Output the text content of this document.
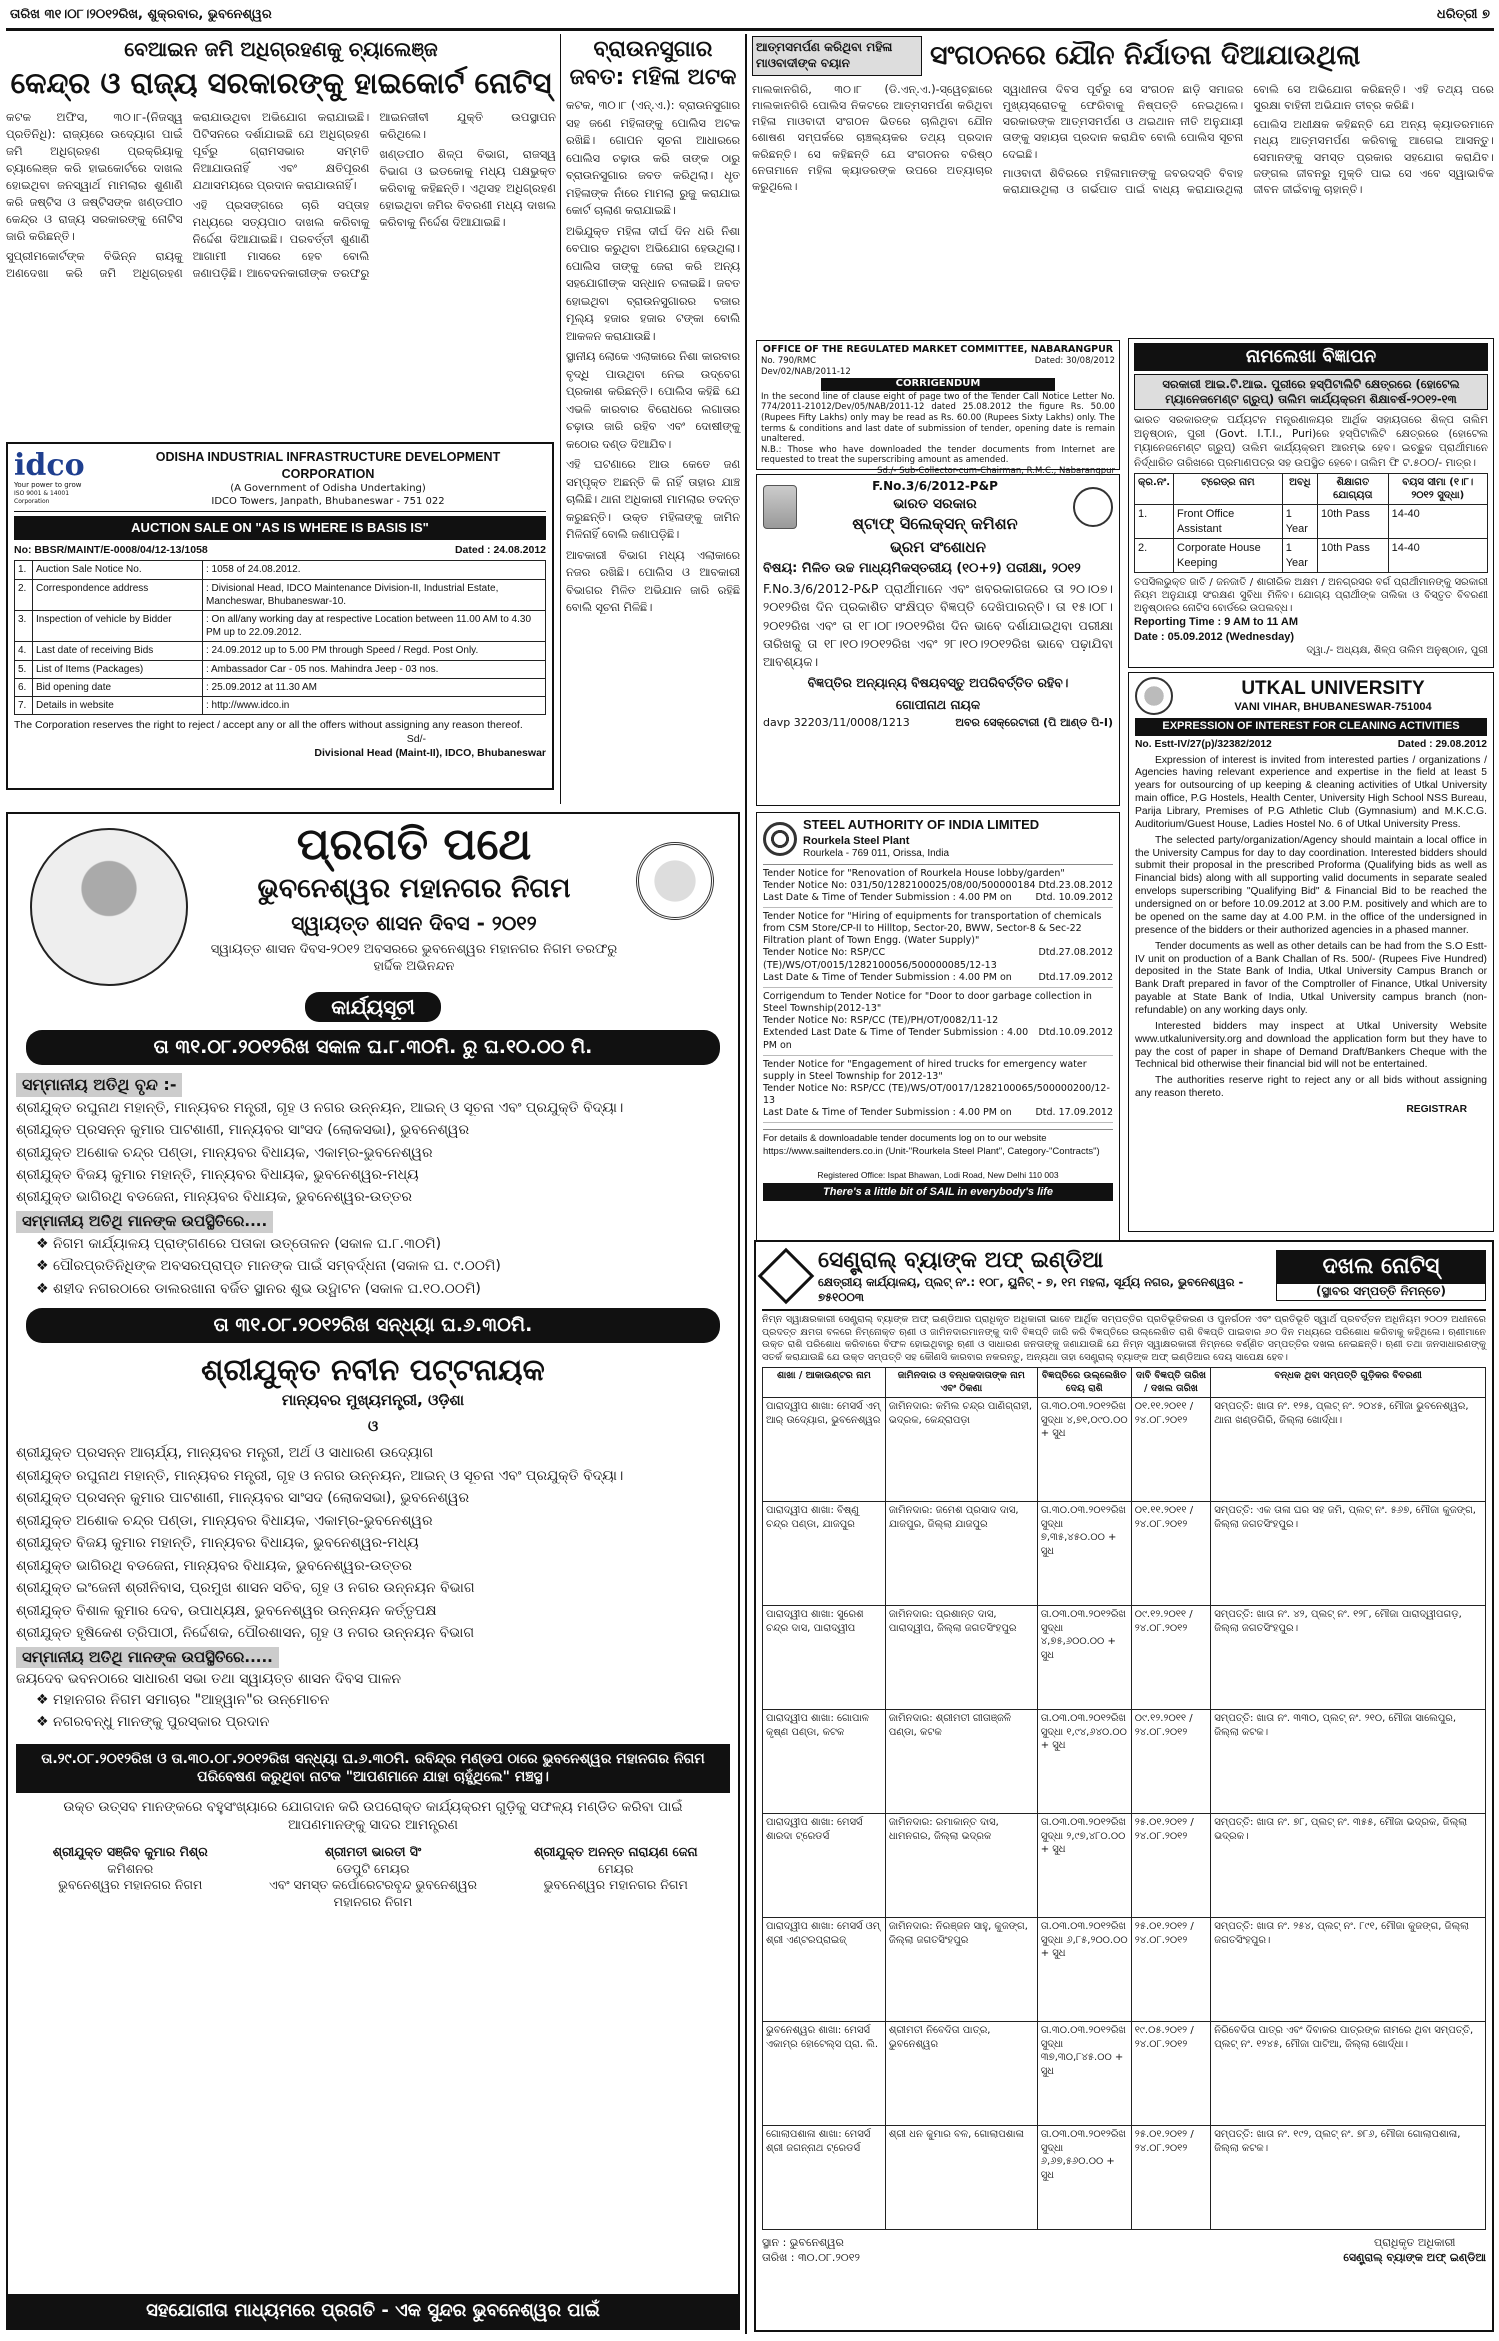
ତାରିଖ ୩୧।୦୮।୨୦୧୨ରିଖ, ଶୁକ୍ରବାର, ଭୁବନେଶ୍ୱର	ଧରିତ୍ରୀ ୭
ବେଆଇନ ଜମି ଅଧିଗ୍ରହଣକୁ ଚ୍ୟାଲେଞ୍ଜ
କେନ୍ଦ୍ର ଓ ରାଜ୍ୟ ସରକାରଙ୍କୁ ହାଇକୋର୍ଟ ନୋଟିସ୍

କଟକ ଅଫିସ, ୩୦।୮-(ନିଜସ୍ୱ ପ୍ରତିନିଧି): ରାଜ୍ୟରେ ଉଦ୍ୟୋଗ ପାଇଁ ଜମି ଅଧିଗ୍ରହଣ ପ୍ରକ୍ରିୟାକୁ ଚ୍ୟାଲେଞ୍ଜ କରି ହାଇକୋର୍ଟରେ ଦାଖଲ ହୋଇଥିବା ଜନସ୍ୱାର୍ଥ ମାମଲାର ଶୁଣାଣି କରି ଜଷ୍ଟିସ ଓ ଜଷ୍ଟିସଙ୍କ ଖଣ୍ଡପୀଠ କେନ୍ଦ୍ର ଓ ରାଜ୍ୟ ସରକାରଙ୍କୁ ନୋଟିସ ଜାରି କରିଛନ୍ତି।

ସୁପ୍ରୀମକୋର୍ଟଙ୍କ ବିଭିନ୍ନ ରାୟକୁ ଅଣଦେଖା କରି ଜମି ଅଧିଗ୍ରହଣ କରାଯାଉଥିବା ଅଭିଯୋଗ କରାଯାଇଛି। ପିଟିସନରେ ଦର୍ଶାଯାଇଛି ଯେ ଅଧିଗ୍ରହଣ ପୂର୍ବରୁ ଗ୍ରାମସଭାର ସମ୍ମତି ନିଆଯାଉନାହିଁ ଏବଂ କ୍ଷତିପୂରଣ ଯଥାସମୟରେ ପ୍ରଦାନ କରାଯାଉନାହିଁ।

ଏହି ପ୍ରସଙ୍ଗରେ ଚାରି ସପ୍ତାହ ମଧ୍ୟରେ ସତ୍ୟପାଠ ଦାଖଲ କରିବାକୁ ନିର୍ଦ୍ଦେଶ ଦିଆଯାଇଛି। ପରବର୍ତ୍ତୀ ଶୁଣାଣି ଆଗାମୀ ମାସରେ ହେବ ବୋଲି ଜଣାପଡ଼ିଛି। ଆବେଦନକାରୀଙ୍କ ତରଫରୁ ଆଇନଜୀବୀ ଯୁକ୍ତି ଉପସ୍ଥାପନ କରିଥିଲେ।

ଖଣ୍ଡପୀଠ ଶିଳ୍ପ ବିଭାଗ, ରାଜସ୍ୱ ବିଭାଗ ଓ ଇଡକୋକୁ ମଧ୍ୟ ପକ୍ଷଭୁକ୍ତ କରିବାକୁ କହିଛନ୍ତି। ଏଥିସହ ଅଧିଗ୍ରହଣ ହୋଇଥିବା ଜମିର ବିବରଣୀ ମଧ୍ୟ ଦାଖଲ କରିବାକୁ ନିର୍ଦ୍ଦେଶ ଦିଆଯାଇଛି।

idco
Your power to grow
ISO 9001 & 14001 Corporation
ODISHA INDUSTRIAL INFRASTRUCTURE DEVELOPMENT CORPORATION
(A Government of Odisha Undertaking)
IDCO Towers, Janpath, Bhubaneswar - 751 022
AUCTION SALE ON "AS IS WHERE IS BASIS IS"
No: BBSR/MAINT/E-0008/04/12-13/1058	Dated : 24.08.2012
1.	Auction Sale Notice No.	: 1058 of 24.08.2012.
2.	Correspondence address	: Divisional Head, IDCO Maintenance Division-II, Industrial Estate, Mancheswar, Bhubaneswar-10.
3.	Inspection of vehicle by Bidder	: On all/any working day at respective Location between 11.00 AM to 4.30 PM up to 22.09.2012.
4.	Last date of receiving Bids	: 24.09.2012 up to 5.00 PM through Speed / Regd. Post Only.
5.	List of Items (Packages)	: Ambassador Car - 05 nos. Mahindra Jeep - 03 nos.
6.	Bid opening date	: 25.09.2012 at 11.30 AM
7.	Details in website	: http://www.idco.in
The Corporation reserves the right to reject / accept any or all the offers without assigning any reason thereof.
Sd/-
Divisional Head (Maint-II), IDCO, Bhubaneswar
ବ୍ରାଉନସୁଗାର ଜବତ: ମହିଳା ଅଟକ

କଟକ, ୩୦।୮ (ଏନ୍.ଏ.): ବ୍ରାଉନସୁଗାର ସହ ଜଣେ ମହିଳାଙ୍କୁ ପୋଲିସ ଅଟକ ରଖିଛି। ଗୋପନ ସୂଚନା ଆଧାରରେ ପୋଲିସ ଚଢ଼ାଉ କରି ତାଙ୍କ ଠାରୁ ବ୍ରାଉନସୁଗାର ଜବତ କରିଥିଲା। ଧୃତ ମହିଳାଙ୍କ ନାଁରେ ମାମଲା ରୁଜୁ କରାଯାଇ କୋର୍ଟ ଚାଲାଣ କରାଯାଇଛି।

ଅଭିଯୁକ୍ତ ମହିଳା ଦୀର୍ଘ ଦିନ ଧରି ନିଶା ବେପାର କରୁଥିବା ଅଭିଯୋଗ ହେଉଥିଲା। ପୋଲିସ ତାଙ୍କୁ ଜେରା କରି ଅନ୍ୟ ସହଯୋଗୀଙ୍କ ସନ୍ଧାନ ଚଳାଇଛି। ଜବତ ହୋଇଥିବା ବ୍ରାଉନସୁଗାରର ବଜାର ମୂଲ୍ୟ ହଜାର ହଜାର ଟଙ୍କା ବୋଲି ଆକଳନ କରାଯାଉଛି।

ସ୍ଥାନୀୟ ଲୋକେ ଏଲାକାରେ ନିଶା କାରବାର ବୃଦ୍ଧି ପାଉଥିବା ନେଇ ଉଦ୍‌ବେଗ ପ୍ରକାଶ କରିଛନ୍ତି। ପୋଲିସ କହିଛି ଯେ ଏଭଳି କାରବାର ବିରୋଧରେ ଲଗାତାର ଚଢ଼ାଉ ଜାରି ରହିବ ଏବଂ ଦୋଷୀଙ୍କୁ କଠୋର ଦଣ୍ଡ ଦିଆଯିବ।

ଏହି ଘଟଣାରେ ଆଉ କେତେ ଜଣ ସମ୍ପୃକ୍ତ ଅଛନ୍ତି କି ନାହିଁ ତାହାର ଯାଞ୍ଚ ଚାଲିଛି। ଥାନା ଅଧିକାରୀ ମାମଲାର ତଦନ୍ତ କରୁଛନ୍ତି। ଉକ୍ତ ମହିଳାଙ୍କୁ ଜାମିନ ମିଳିନାହିଁ ବୋଲି ଜଣାପଡ଼ିଛି।

ଆବକାରୀ ବିଭାଗ ମଧ୍ୟ ଏଲାକାରେ ନଜର ରଖିଛି। ପୋଲିସ ଓ ଆବକାରୀ ବିଭାଗର ମିଳିତ ଅଭିଯାନ ଜାରି ରହିଛି ବୋଲି ସୂଚନା ମିଳିଛି।

ପ୍ରଗତି ପଥେ
ଭୁବନେଶ୍ୱର ମହାନଗର ନିଗମ
ସ୍ୱାୟତ୍ତ ଶାସନ ଦିବସ - ୨୦୧୨
ସ୍ୱାୟତ୍ତ ଶାସନ ଦିବସ-୨୦୧୨ ଅବସରରେ ଭୁବନେଶ୍ୱର ମହାନଗର ନିଗମ ତରଫରୁ ହାର୍ଦ୍ଦିକ ଅଭିନନ୍ଦନ
କାର୍ଯ୍ୟସୂଚୀ
ତା ୩୧.୦୮.୨୦୧୨ରିଖ ସକାଳ ଘ.୮.୩୦ମି. ରୁ ଘ.୧୦.୦୦ ମି.
ସମ୍ମାନୀୟ ଅତିଥି ବୃନ୍ଦ :-
ଶ୍ରୀଯୁକ୍ତ ରଘୁନାଥ ମହାନ୍ତି, ମାନ୍ୟବର ମନ୍ତ୍ରୀ, ଗୃହ ଓ ନଗର ଉନ୍ନୟନ, ଆଇନ୍ ଓ ସୂଚନା ଏବଂ ପ୍ରଯୁକ୍ତି ବିଦ୍ୟା।
ଶ୍ରୀଯୁକ୍ତ ପ୍ରସନ୍ନ କୁମାର ପାଟଶାଣୀ, ମାନ୍ୟବର ସାଂସଦ (ଲୋକସଭା), ଭୁବନେଶ୍ୱର
ଶ୍ରୀଯୁକ୍ତ ଅଶୋକ ଚନ୍ଦ୍ର ପଣ୍ଡା, ମାନ୍ୟବର ବିଧାୟକ, ଏକାମ୍ର-ଭୁବନେଶ୍ୱର
ଶ୍ରୀଯୁକ୍ତ ବିଜୟ କୁମାର ମହାନ୍ତି, ମାନ୍ୟବର ବିଧାୟକ, ଭୁବନେଶ୍ୱର-ମଧ୍ୟ
ଶ୍ରୀଯୁକ୍ତ ଭାଗିରଥି ବଡଜେନା, ମାନ୍ୟବର ବିଧାୟକ, ଭୁବନେଶ୍ୱର-ଉତ୍ତର
ସମ୍ମାନୀୟ ଅତିଥି ମାନଙ୍କ ଉପସ୍ଥିତିରେ....
❖ ନିଗମ କାର୍ଯ୍ୟାଳୟ ପ୍ରାଙ୍ଗଣରେ ପତାକା ଉତ୍ତୋଳନ (ସକାଳ ଘ.୮.୩୦ମି)
❖ ପୌରପ୍ରତିନିଧିଙ୍କ ଅବସରପ୍ରାପ୍ତ ମାନଙ୍କ ପାଇଁ ସମ୍ବର୍ଦ୍ଧନା (ସକାଳ ଘ. ୯.୦୦ମି)
❖ ଶହୀଦ ନଗରଠାରେ ଡାଲରଖାନା ବର୍ଜିତ ସ୍ଥାନର ଶୁଭ ଉଦ୍ଘାଟନ (ସକାଳ ଘ.୧୦.୦୦ମି)
ତା ୩୧.୦୮.୨୦୧୨ରିଖ ସନ୍ଧ୍ୟା ଘ.୬.୩୦ମି.
ଶ୍ରୀଯୁକ୍ତ ନବୀନ ପଟ୍ଟନାୟକ
ମାନ୍ୟବର ମୁଖ୍ୟମନ୍ତ୍ରୀ, ଓଡ଼ିଶା
ଓ
ଶ୍ରୀଯୁକ୍ତ ପ୍ରସନ୍ନ ଆଚାର୍ଯ୍ୟ, ମାନ୍ୟବର ମନ୍ତ୍ରୀ, ଅର୍ଥ ଓ ସାଧାରଣ ଉଦ୍ୟୋଗ
ଶ୍ରୀଯୁକ୍ତ ରଘୁନାଥ ମହାନ୍ତି, ମାନ୍ୟବର ମନ୍ତ୍ରୀ, ଗୃହ ଓ ନଗର ଉନ୍ନୟନ, ଆଇନ୍ ଓ ସୂଚନା ଏବଂ ପ୍ରଯୁକ୍ତି ବିଦ୍ୟା।
ଶ୍ରୀଯୁକ୍ତ ପ୍ରସନ୍ନ କୁମାର ପାଟଶାଣୀ, ମାନ୍ୟବର ସାଂସଦ (ଲୋକସଭା), ଭୁବନେଶ୍ୱର
ଶ୍ରୀଯୁକ୍ତ ଅଶୋକ ଚନ୍ଦ୍ର ପଣ୍ଡା, ମାନ୍ୟବର ବିଧାୟକ, ଏକାମ୍ର-ଭୁବନେଶ୍ୱର
ଶ୍ରୀଯୁକ୍ତ ବିଜୟ କୁମାର ମହାନ୍ତି, ମାନ୍ୟବର ବିଧାୟକ, ଭୁବନେଶ୍ୱର-ମଧ୍ୟ
ଶ୍ରୀଯୁକ୍ତ ଭାଗିରଥି ବଡଜେନା, ମାନ୍ୟବର ବିଧାୟକ, ଭୁବନେଶ୍ୱର-ଉତ୍ତର
ଶ୍ରୀଯୁକ୍ତ ଇଂଜେନୀ ଶ୍ରୀନିବାସ, ପ୍ରମୁଖ ଶାସନ ସଚିବ, ଗୃହ ଓ ନଗର ଉନ୍ନୟନ ବିଭାଗ
ଶ୍ରୀଯୁକ୍ତ ବିଶାଳ କୁମାର ଦେବ, ଉପାଧ୍ୟକ୍ଷ, ଭୁବନେଶ୍ୱର ଉନ୍ନୟନ କର୍ତ୍ତୃପକ୍ଷ
ଶ୍ରୀଯୁକ୍ତ ହୃଷିକେଶ ତ୍ରିପାଠୀ, ନିର୍ଦ୍ଦେଶକ, ପୌରଶାସନ, ଗୃହ ଓ ନଗର ଉନ୍ନୟନ ବିଭାଗ
ସମ୍ମାନୀୟ ଅତିଥି ମାନଙ୍କ ଉପସ୍ଥିତିରେ.....
ଜୟଦେବ ଭବନଠାରେ ସାଧାରଣ ସଭା ତଥା ସ୍ୱାୟତ୍ତ ଶାସନ ଦିବସ ପାଳନ
❖ ମହାନଗର ନିଗମ ସମାଚାର "ଆହ୍ୱାନ"ର ଉନ୍ମୋଚନ
❖ ନଗରବନ୍ଧୁ ମାନଙ୍କୁ ପୁରସ୍କାର ପ୍ରଦାନ
ତା.୨୯.୦୮.୨୦୧୨ରିଖ ଓ ତା.୩୦.୦୮.୨୦୧୨ରିଖ ସନ୍ଧ୍ୟା ଘ.୬.୩୦ମି. ରବିନ୍ଦ୍ର ମଣ୍ଡପ ଠାରେ ଭୁବନେଶ୍ୱର ମହାନଗର ନିଗମ ପରିବେଷଣ କରୁଥିବା ନାଟକ "ଆପଣମାନେ ଯାହା ଚାହୁଁଥିଲେ" ମଞ୍ଚସ୍ଥ।
ଉକ୍ତ ଉତ୍ସବ ମାନଙ୍କରେ ବହୁସଂଖ୍ୟାରେ ଯୋଗଦାନ କରି ଉପରୋକ୍ତ କାର୍ଯ୍ୟକ୍ରମ ଗୁଡ଼ିକୁ ସଫଳ୍ୟ ମଣ୍ଡିତ କରିବା ପାଇଁ ଆପଣମାନଙ୍କୁ ସାଦର ଆମନ୍ତ୍ରଣ
ଶ୍ରୀଯୁକ୍ତ ସଞ୍ଜିବ କୁମାର ମିଶ୍ର
କମିଶନର
ଭୁବନେଶ୍ୱର ମହାନଗର ନିଗମ
ଶ୍ରୀମତୀ ଭାରତୀ ସିଂ
ଡେପୁଟି ମେୟର
ଏବଂ ସମସ୍ତ କର୍ପୋରେଟରବୃନ୍ଦ ଭୁବନେଶ୍ୱର ମହାନଗର ନିଗମ
ଶ୍ରୀଯୁକ୍ତ ଅନନ୍ତ ନାରାୟଣ ଜେନା
ମେୟର
ଭୁବନେଶ୍ୱର ମହାନଗର ନିଗମ
ସହଯୋଗୀତା ମାଧ୍ୟମରେ ପ୍ରଗତି - ଏକ ସୁନ୍ଦର ଭୁବନେଶ୍ୱର ପାଇଁ
ଆତ୍ମସମର୍ପଣ କରିଥିବା ମହିଳା ମାଓବାଦୀଙ୍କ ବୟାନ	ସଂଗଠନରେ ଯୌନ ନିର୍ଯାତନା ଦିଆଯାଉଥିଲା

ମାଲକାନଗିରି, ୩୦।୮ (ଡି.ଏନ୍.ଏ.)-ସ୍ୱେଚ୍ଛାରେ ମାଲକାନଗିରି ପୋଲିସ ନିକଟରେ ଆତ୍ମସମର୍ପଣ କରିଥିବା ମହିଳା ମାଓବାଦୀ ସଂଗଠନ ଭିତରେ ଚାଲିଥିବା ଯୌନ ଶୋଷଣ ସମ୍ପର୍କରେ ଚାଞ୍ଚଲ୍ୟକର ତଥ୍ୟ ପ୍ରଦାନ କରିଛନ୍ତି। ସେ କହିଛନ୍ତି ଯେ ସଂଗଠନର ବରିଷ୍ଠ ନେତାମାନେ ମହିଳା କ୍ୟାଡରଙ୍କ ଉପରେ ଅତ୍ୟାଚାର କରୁଥିଲେ।

ସ୍ୱାଧୀନତା ଦିବସ ପୂର୍ବରୁ ସେ ସଂଗଠନ ଛାଡ଼ି ସମାଜର ମୁଖ୍ୟସ୍ରୋତକୁ ଫେରିବାକୁ ନିଷ୍ପତ୍ତି ନେଇଥିଲେ। ସରକାରଙ୍କ ଆତ୍ମସମର୍ପଣ ଓ ଥଇଥାନ ନୀତି ଅନୁଯାୟୀ ତାଙ୍କୁ ସହାୟତା ପ୍ରଦାନ କରାଯିବ ବୋଲି ପୋଲିସ ସୂଚନା ଦେଇଛି।

ମାଓବାଦୀ ଶିବିରରେ ମହିଳାମାନଙ୍କୁ ଜବରଦସ୍ତି ବିବାହ କରାଯାଉଥିଲା ଓ ଗର୍ଭପାତ ପାଇଁ ବାଧ୍ୟ କରାଯାଉଥିଲା ବୋଲି ସେ ଅଭିଯୋଗ କରିଛନ୍ତି। ଏହି ତଥ୍ୟ ପରେ ସୁରକ୍ଷା ବାହିନୀ ଅଭିଯାନ ତୀବ୍ର କରିଛି।

ପୋଲିସ ଅଧୀକ୍ଷକ କହିଛନ୍ତି ଯେ ଅନ୍ୟ କ୍ୟାଡରମାନେ ମଧ୍ୟ ଆତ୍ମସମର୍ପଣ କରିବାକୁ ଆଗେଇ ଆସନ୍ତୁ। ସେମାନଙ୍କୁ ସମସ୍ତ ପ୍ରକାର ସହଯୋଗ କରାଯିବ। ଜଙ୍ଗଲ ଜୀବନରୁ ମୁକ୍ତି ପାଇ ସେ ଏବେ ସ୍ୱାଭାବିକ ଜୀବନ ଜୀଇଁବାକୁ ଚାହାନ୍ତି।

OFFICE OF THE REGULATED MARKET COMMITTEE, NABARANGPUR
No. 790/RMC	Dated: 30/08/2012
Dev/02/NAB/2011-12
CORRIGENDUM
In the second line of clause eight of page two of the Tender Call Notice Letter No. 774/2011-21012/Dev/05/NAB/2011-12 dated 25.08.2012 the figure Rs. 50.00 (Rupees Fifty Lakhs) only may be read as Rs. 60.00 (Rupees Sixty Lakhs) only. The terms & conditions and last date of submission of tender, opening date is remain unaltered.
N.B.: Those who have downloaded the tender documents from Internet are requested to treat the superscribing amount as amended.
Sd./- Sub-Collector-cum-Chairman, R.M.C., Nabarangpur
F.No.3/6/2012-P&P
ଭାରତ ସରକାର
ଷ୍ଟାଫ୍ ସିଲେକ୍ସନ୍ କମିଶନ
ଭ୍ରମ ସଂଶୋଧନ
ବିଷୟ: ମିଳିତ ଉଚ୍ଚ ମାଧ୍ୟମିକସ୍ତରୀୟ (୧୦+୨) ପରୀକ୍ଷା, ୨୦୧୨
F.No.3/6/2012-P&P ପ୍ରାର୍ଥୀମାନେ ଏବଂ ଖବରକାଗଜରେ ତା ୨୦।୦୭।୨୦୧୨ରିଖ ଦିନ ପ୍ରକାଶିତ ସଂକ୍ଷିପ୍ତ ବିଜ୍ଞପ୍ତି ଦେଖିପାରନ୍ତି। ତା ୧୫।୦୮।୨୦୧୨ରିଖ ଏବଂ ତା ୧୮।୦୮।୨୦୧୨ରିଖ ଦିନ ଭାବେ ଦର୍ଶାଯାଇଥିବା ପରୀକ୍ଷା ତାରିଖକୁ ତା ୧୮।୧୦।୨୦୧୨ରିଖ ଏବଂ ୨୮।୧୦।୨୦୧୨ରିଖ ଭାବେ ପଢ଼ାଯିବା ଆବଶ୍ୟକ।
ବିଜ୍ଞପ୍ତିର ଅନ୍ୟାନ୍ୟ ବିଷୟବସ୍ତୁ ଅପରିବର୍ତ୍ତିତ ରହିବ।
ଗୋପୀନାଥ ନାୟକ
davp 32203/11/0008/1213	ଅବର ସେକ୍ରେଟାରୀ (ପି ଆଣ୍ଡ ପି-I)
STEEL AUTHORITY OF INDIA LIMITED
Rourkela Steel Plant
Rourkela - 769 011, Orissa, India
Tender Notice for "Renovation of Rourkela House lobby/garden"
Tender Notice No: 031/50/1282100025/08/00/500000184 Dtd.23.08.2012
Last Date & Time of Tender Submission : 4.00 PM on Dtd. 10.09.2012
Tender Notice for "Hiring of equipments for transportation of chemicals from CSM Store/CP-II to Hilltop, Sector-20, BWW, Sector-8 & Sec-22 Filtration plant of Town Engg. (Water Supply)"
Tender Notice No: RSP/CC (TE)/WS/OT/0015/1282100056/500000085/12-13
Dtd.27.08.2012
Last Date & Time of Tender Submission : 4.00 PM on	Dtd.17.09.2012
Corrigendum to Tender Notice for "Door to door garbage collection in Steel Township(2012-13"
Tender Notice No: RSP/CC (TE)/PH/OT/0082/11-12
Extended Last Date & Time of Tender Submission : 4.00 PM on
Dtd.10.09.2012
Tender Notice for "Engagement of hired trucks for emergency water supply in Steel Township for 2012-13"
Tender Notice No: RSP/CC (TE)/WS/OT/0017/1282100065/500000200/12-13
Last Date & Time of Tender Submission : 4.00 PM on Dtd. 17.09.2012
For details & downloadable tender documents log on to our website https://www.sailtenders.co.in (Unit-"Rourkela Steel Plant", Category-"Contracts")
Registered Office: Ispat Bhawan, Lodi Road, New Delhi 110 003
There's a little bit of SAIL in everybody's life
ନାମଲେଖା ବିଜ୍ଞାପନ
ସରକାରୀ ଆଇ.ଟି.ଆଇ. ପୁରୀରେ ହସ୍ପିଟାଲିଟି କ୍ଷେତ୍ରରେ (ହୋଟେଲ ମ୍ୟାନେଜମେଣ୍ଟ ଗ୍ରୁପ୍) ତାଲିମ କାର୍ଯ୍ୟକ୍ରମ ଶିକ୍ଷାବର୍ଷ-୨୦୧୨-୧୩
ଭାରତ ସରକାରଙ୍କ ପର୍ଯ୍ୟଟନ ମନ୍ତ୍ରଣାଳୟର ଆର୍ଥିକ ସହାୟତାରେ ଶିଳ୍ପ ତାଲିମ ଅନୁଷ୍ଠାନ, ପୁରୀ (Govt. I.T.I., Puri)ରେ ହସ୍ପିଟାଲିଟି କ୍ଷେତ୍ରରେ (ହୋଟେଲ ମ୍ୟାନେଜମେଣ୍ଟ ଗ୍ରୁପ୍) ତାଲିମ କାର୍ଯ୍ୟକ୍ରମ ଆରମ୍ଭ ହେବ। ଇଚ୍ଛୁକ ପ୍ରାର୍ଥୀମାନେ ନିର୍ଦ୍ଧାରିତ ତାରିଖରେ ପ୍ରମାଣପତ୍ର ସହ ଉପସ୍ଥିତ ହେବେ। ତାଲିମ ଫି ଟ.୫୦୦/- ମାତ୍ର।
କ୍ର.ନଂ.	ଟ୍ରେଡ୍‌ର ନାମ	ଅବଧି	ଶିକ୍ଷାଗତ ଯୋଗ୍ୟତା	ବୟସ ସୀମା (୧।୮।୨୦୧୨ ସୁଦ୍ଧା)
1.	Front Office Assistant	1 Year	10th Pass	14-40
2.	Corporate House Keeping	1 Year	10th Pass	14-40
ତପସିଲଭୁକ୍ତ ଜାତି / ଜନଜାତି / ଶାରୀରିକ ଅକ୍ଷମ / ଅନଗ୍ରସର ବର୍ଗ ପ୍ରାର୍ଥୀମାନଙ୍କୁ ସରକାରୀ ନିୟମ ଅନୁଯାୟୀ ସଂରକ୍ଷଣ ସୁବିଧା ମିଳିବ। ଯୋଗ୍ୟ ପ୍ରାର୍ଥୀଙ୍କ ତାଲିକା ଓ ବିସ୍ତୃତ ବିବରଣୀ ଅନୁଷ୍ଠାନର ନୋଟିସ ବୋର୍ଡରେ ଉପଲବ୍ଧ।
Reporting Time : 9 AM to 11 AM
Date : 05.09.2012 (Wednesday)
ଦ୍ୱା./- ଅଧ୍ୟକ୍ଷ, ଶିଳ୍ପ ତାଲିମ ଅନୁଷ୍ଠାନ, ପୁରୀ
UTKAL UNIVERSITY
VANI VIHAR, BHUBANESWAR-751004
EXPRESSION OF INTEREST FOR CLEANING ACTIVITIES
No. Estt-IV/27(p)/32382/2012	Dated : 29.08.2012

Expression of interest is invited from interested parties / organizations / Agencies having relevant experience and expertise in the field at least 5 years for outsourcing of up keeping & cleaning activities of Utkal University main office, P.G Hostels, Health Center, University High School NSS Bureau, Parija Library, Premises of P.G Athletic Club (Gymnasium) and M.K.C.G. Auditorium/Guest House, Ladies Hostel No. 6 of Utkal University Press.

The selected party/organization/Agency should maintain a local office in the University Campus for day to day coordination. Interested bidders should submit their proposal in the prescribed Proforma (Qualifying bids as well as Financial bids) along with all supporting valid documents in separate sealed envelops superscribing "Qualifying Bid" & Financial Bid to be reached the undersigned on or before 10.09.2012 at 3.00 P.M. positively and which are to be opened on the same day at 4.00 P.M. in the office of the undersigned in presence of the bidders or their authorized agencies in a phased manner.

Tender documents as well as other details can be had from the S.O Estt-IV unit on production of a Bank Challan of Rs. 500/- (Rupees Five Hundred) deposited in the State Bank of India, Utkal University Campus Branch or Bank Draft prepared in favor of the Comptroller of Finance, Utkal University payable at State Bank of India, Utkal University campus branch (non-refundable) on any working days only.

Interested bidders may inspect at Utkal University Website www.utkaluniversity.org and download the application form but they have to pay the cost of paper in shape of Demand Draft/Bankers Cheque with the Technical bid otherwise their financial bid will not be entertained.

The authorities reserve right to reject any or all bids without assigning any reason thereto.

REGISTRAR
ସେଣ୍ଟ୍ରାଲ୍ ବ୍ୟାଙ୍କ ଅଫ୍ ଇଣ୍ଡିଆ
କ୍ଷେତ୍ରୀୟ କାର୍ଯ୍ୟାଳୟ, ପ୍ଲଟ୍ ନଂ.: ୧୦୮, ୟୁନିଟ୍ - ୭, ୧ମ ମହଲା, ସୂର୍ଯ୍ୟ ନଗର, ଭୁବନେଶ୍ୱର - ୭୫୧୦୦୩
ଦଖଲ ନୋଟିସ୍
(ସ୍ଥାବର ସମ୍ପତ୍ତି ନିମନ୍ତେ)
ନିମ୍ନ ସ୍ୱାକ୍ଷରକାରୀ ସେଣ୍ଟ୍ରାଲ୍ ବ୍ୟାଙ୍କ ଅଫ୍ ଇଣ୍ଡିଆର ପ୍ରାଧିକୃତ ଅଧିକାରୀ ଭାବେ ଆର୍ଥିକ ସମ୍ପତ୍ତିର ପ୍ରତିଭୂତିକରଣ ଓ ପୁନର୍ଗଠନ ଏବଂ ପ୍ରତିଭୂତି ସ୍ୱାର୍ଥ ପ୍ରବର୍ତ୍ତନ ଅଧିନିୟମ ୨୦୦୨ ଅଧୀନରେ ପ୍ରଦତ୍ତ କ୍ଷମତା ବଳରେ ନିମ୍ନୋକ୍ତ ଋଣୀ ଓ ଜାମିନଦାରମାନଙ୍କୁ ଦାବି ବିଜ୍ଞପ୍ତି ଜାରି କରି ବିଜ୍ଞପ୍ତିରେ ଉଲ୍ଲେଖିତ ରାଶି ବିଜ୍ଞପ୍ତି ପାଇବାର ୬୦ ଦିନ ମଧ୍ୟରେ ପରିଶୋଧ କରିବାକୁ କହିଥିଲେ। ଋଣୀମାନେ ଉକ୍ତ ରାଶି ପରିଶୋଧ କରିବାରେ ବିଫଳ ହୋଇଥିବାରୁ ଋଣୀ ଓ ସାଧାରଣ ଜନତାଙ୍କୁ ଜଣାଯାଉଛି ଯେ ନିମ୍ନ ସ୍ୱାକ୍ଷରକାରୀ ନିମ୍ନରେ ବର୍ଣ୍ଣିତ ସମ୍ପତ୍ତିର ଦଖଲ ନେଇଛନ୍ତି। ଋଣୀ ତଥା ଜନସାଧାରଣଙ୍କୁ ସତର୍କ କରାଯାଉଛି ଯେ ଉକ୍ତ ସମ୍ପତ୍ତି ସହ କୌଣସି କାରବାର ନକରନ୍ତୁ, ଅନ୍ୟଥା ତାହା ସେଣ୍ଟ୍ରାଲ୍ ବ୍ୟାଙ୍କ ଅଫ୍ ଇଣ୍ଡିଆର ଦେୟ ସାପେକ୍ଷ ହେବ।
ଶାଖା / ଆକାଉଣ୍ଟର ନାମ	ଜାମିନଦାର ଓ ବନ୍ଧକଦାତାଙ୍କ ନାମ ଏବଂ ଠିକଣା	ବିଜ୍ଞପ୍ତିରେ ଉଲ୍ଲେଖିତ ଦେୟ ରାଶି	ଦାବି ବିଜ୍ଞପ୍ତି ତାରିଖ / ଦଖଲ ତାରିଖ	ବନ୍ଧକ ଥିବା ସମ୍ପତ୍ତି ଗୁଡ଼ିକର ବିବରଣୀ
ପାରାଦ୍ୱୀପ ଶାଖା: ମେସର୍ସ ଏମ୍ ଆର୍ ଉଦ୍ୟୋଗ, ଭୁବନେଶ୍ୱର	ଜାମିନଦାର: କମିଲ ଚନ୍ଦ୍ର ପାଣିଗ୍ରାହୀ, ଭଦ୍ରକ, କେନ୍ଦ୍ରାପଡ଼ା	ତା.୩୦.୦୩.୨୦୧୨ରିଖ ସୁଦ୍ଧା ୪,୭୧,୦୯୦.୦୦ + ସୁଧ	୦୧.୧୧.୨୦୧୧ / ୨୪.୦୮.୨୦୧୨	ସମ୍ପତ୍ତି: ଖାତା ନଂ. ୧୨୫, ପ୍ଲଟ୍ ନଂ. ୨୦୪୫, ମୌଜା ଭୁବନେଶ୍ୱର, ଥାନା ଖଣ୍ଡଗିରି, ଜିଲ୍ଲା ଖୋର୍ଦ୍ଧା।
ପାରାଦ୍ୱୀପ ଶାଖା: ବିଷ୍ଣୁ ଚନ୍ଦ୍ର ପଣ୍ଡା, ଯାଜପୁର	ଜାମିନଦାର: ଜମେଶ ପ୍ରସାଦ ଦାସ, ଯାଜପୁର, ଜିଲ୍ଲା ଯାଜପୁର	ତା.୩୦.୦୩.୨୦୧୨ରିଖ ସୁଦ୍ଧା ୭,୩୫,୪୫୦.୦୦ + ସୁଧ	୦୧.୧୧.୨୦୧୧ / ୨୪.୦୮.୨୦୧୨	ସମ୍ପତ୍ତି: ଏକ ତାଳା ଘର ସହ ଜମି, ପ୍ଲଟ୍ ନଂ. ୫୬୭, ମୌଜା କୁଜଙ୍ଗ, ଜିଲ୍ଲା ଜଗତସିଂହପୁର।
ପାରାଦ୍ୱୀପ ଶାଖା: ସୁରେଶ ଚନ୍ଦ୍ର ଦାସ, ପାରାଦ୍ୱୀପ	ଜାମିନଦାର: ପ୍ରଶାନ୍ତ ଦାସ, ପାରାଦ୍ୱୀପ, ଜିଲ୍ଲା ଜଗତସିଂହପୁର	ତା.୦୩.୦୩.୨୦୧୨ରିଖ ସୁଦ୍ଧା ୪,୭୫,୬୦୦.୦୦ + ସୁଧ	୦୯.୧୨.୨୦୧୧ / ୨୪.୦୮.୨୦୧୨	ସମ୍ପତ୍ତି: ଖାତା ନଂ. ୪୨, ପ୍ଲଟ୍ ନଂ. ୧୨୮, ମୌଜା ପାରାଦ୍ୱୀପଗଡ଼, ଜିଲ୍ଲା ଜଗତସିଂହପୁର।
ପାରାଦ୍ୱୀପ ଶାଖା: ଗୋପାଳ କୃଷ୍ଣ ପଣ୍ଡା, କଟକ	ଜାମିନଦାର: ଶ୍ରୀମତୀ ଗୀତାଞ୍ଜଳି ପଣ୍ଡା, କଟକ	ତା.୦୩.୦୩.୨୦୧୨ରିଖ ସୁଦ୍ଧା ୧,୯୪,୬୪୦.୦୦ + ସୁଧ	୦୯.୧୨.୨୦୧୧ / ୨୪.୦୮.୨୦୧୨	ସମ୍ପତ୍ତି: ଖାତା ନଂ. ୩୩୦, ପ୍ଲଟ୍ ନଂ. ୨୧୦, ମୌଜା ସାଲେପୁର, ଜିଲ୍ଲା କଟକ।
ପାରାଦ୍ୱୀପ ଶାଖା: ମେସର୍ସ ଶାରଦା ଟ୍ରେଡର୍ସ	ଜାମିନଦାର: ରମାକାନ୍ତ ଦାସ, ଧାମନଗର, ଜିଲ୍ଲା ଭଦ୍ରକ	ତା.୦୩.୦୩.୨୦୧୨ରିଖ ସୁଦ୍ଧା ୨,୯୭,୪୮୦.୦୦ + ସୁଧ	୨୫.୦୧.୨୦୧୨ / ୨୪.୦୮.୨୦୧୨	ସମ୍ପତ୍ତି: ଖାତା ନଂ. ୭୮, ପ୍ଲଟ୍ ନଂ. ୩୫୫, ମୌଜା ଭଦ୍ରକ, ଜିଲ୍ଲା ଭଦ୍ରକ।
ପାରାଦ୍ୱୀପ ଶାଖା: ମେସର୍ସ ଓମ୍ ଶ୍ରୀ ଏଣ୍ଟରପ୍ରାଇଜ୍	ଜାମିନଦାର: ନିରଞ୍ଜନ ସାହୁ, କୁଜଙ୍ଗ, ଜିଲ୍ଲା ଜଗତସିଂହପୁର	ତା.୦୩.୦୩.୨୦୧୨ରିଖ ସୁଦ୍ଧା ୬,୮୫,୨୦୦.୦୦ + ସୁଧ	୨୫.୦୧.୨୦୧୨ / ୨୪.୦୮.୨୦୧୨	ସମ୍ପତ୍ତି: ଖାତା ନଂ. ୨୫୪, ପ୍ଲଟ୍ ନଂ. ୮୯୧, ମୌଜା କୁଜଙ୍ଗ, ଜିଲ୍ଲା ଜଗତସିଂହପୁର।
ଭୁବନେଶ୍ୱର ଶାଖା: ମେସର୍ସ ଏକାମ୍ର ହୋଟେଲ୍ସ ପ୍ରା. ଲି.	ଶ୍ରୀମତୀ ନିବେଦିତା ପାତ୍ର, ଭୁବନେଶ୍ୱର	ତା.୩୦.୦୩.୨୦୧୨ରିଖ ସୁଦ୍ଧା ୩୭,୩୦,୮୪୫.୦୦ + ସୁଧ	୧୯.୦୫.୨୦୧୨ / ୨୪.୦୮.୨୦୧୨	ନିରିବେଦିତା ପାତ୍ର ଏବଂ ଦିବାକର ପାତ୍ରଙ୍କ ନାମରେ ଥିବା ସମ୍ପତ୍ତି, ପ୍ଲଟ୍ ନଂ. ୧୨୪୫, ମୌଜା ପାଟିଆ, ଜିଲ୍ଲା ଖୋର୍ଦ୍ଧା।
ଗୋଲାପଶାଳା ଶାଖା: ମେସର୍ସ ଶ୍ରୀ ଜଗନ୍ନାଥ ଟ୍ରେଡର୍ସ	ଶ୍ରୀ ଧନ କୁମାର ବଳ, ଗୋଲାପଶାଳା	ତା.୦୩.୦୩.୨୦୧୨ରିଖ ସୁଦ୍ଧା ୬,୬୭,୫୬୦.୦୦ + ସୁଧ	୨୫.୦୧.୨୦୧୨ / ୨୪.୦୮.୨୦୧୨	ସମ୍ପତ୍ତି: ଖାତା ନଂ. ୧୯୨, ପ୍ଲଟ୍ ନଂ. ୭୮୬, ମୌଜା ଗୋଲାପଶାଳା, ଜିଲ୍ଲା କଟକ।
ସ୍ଥାନ : ଭୁବନେଶ୍ୱର
ତାରିଖ : ୩୦.୦୮.୨୦୧୨
ପ୍ରାଧିକୃତ ଅଧିକାରୀ
ସେଣ୍ଟ୍ରାଲ୍ ବ୍ୟାଙ୍କ ଅଫ୍ ଇଣ୍ଡିଆ
